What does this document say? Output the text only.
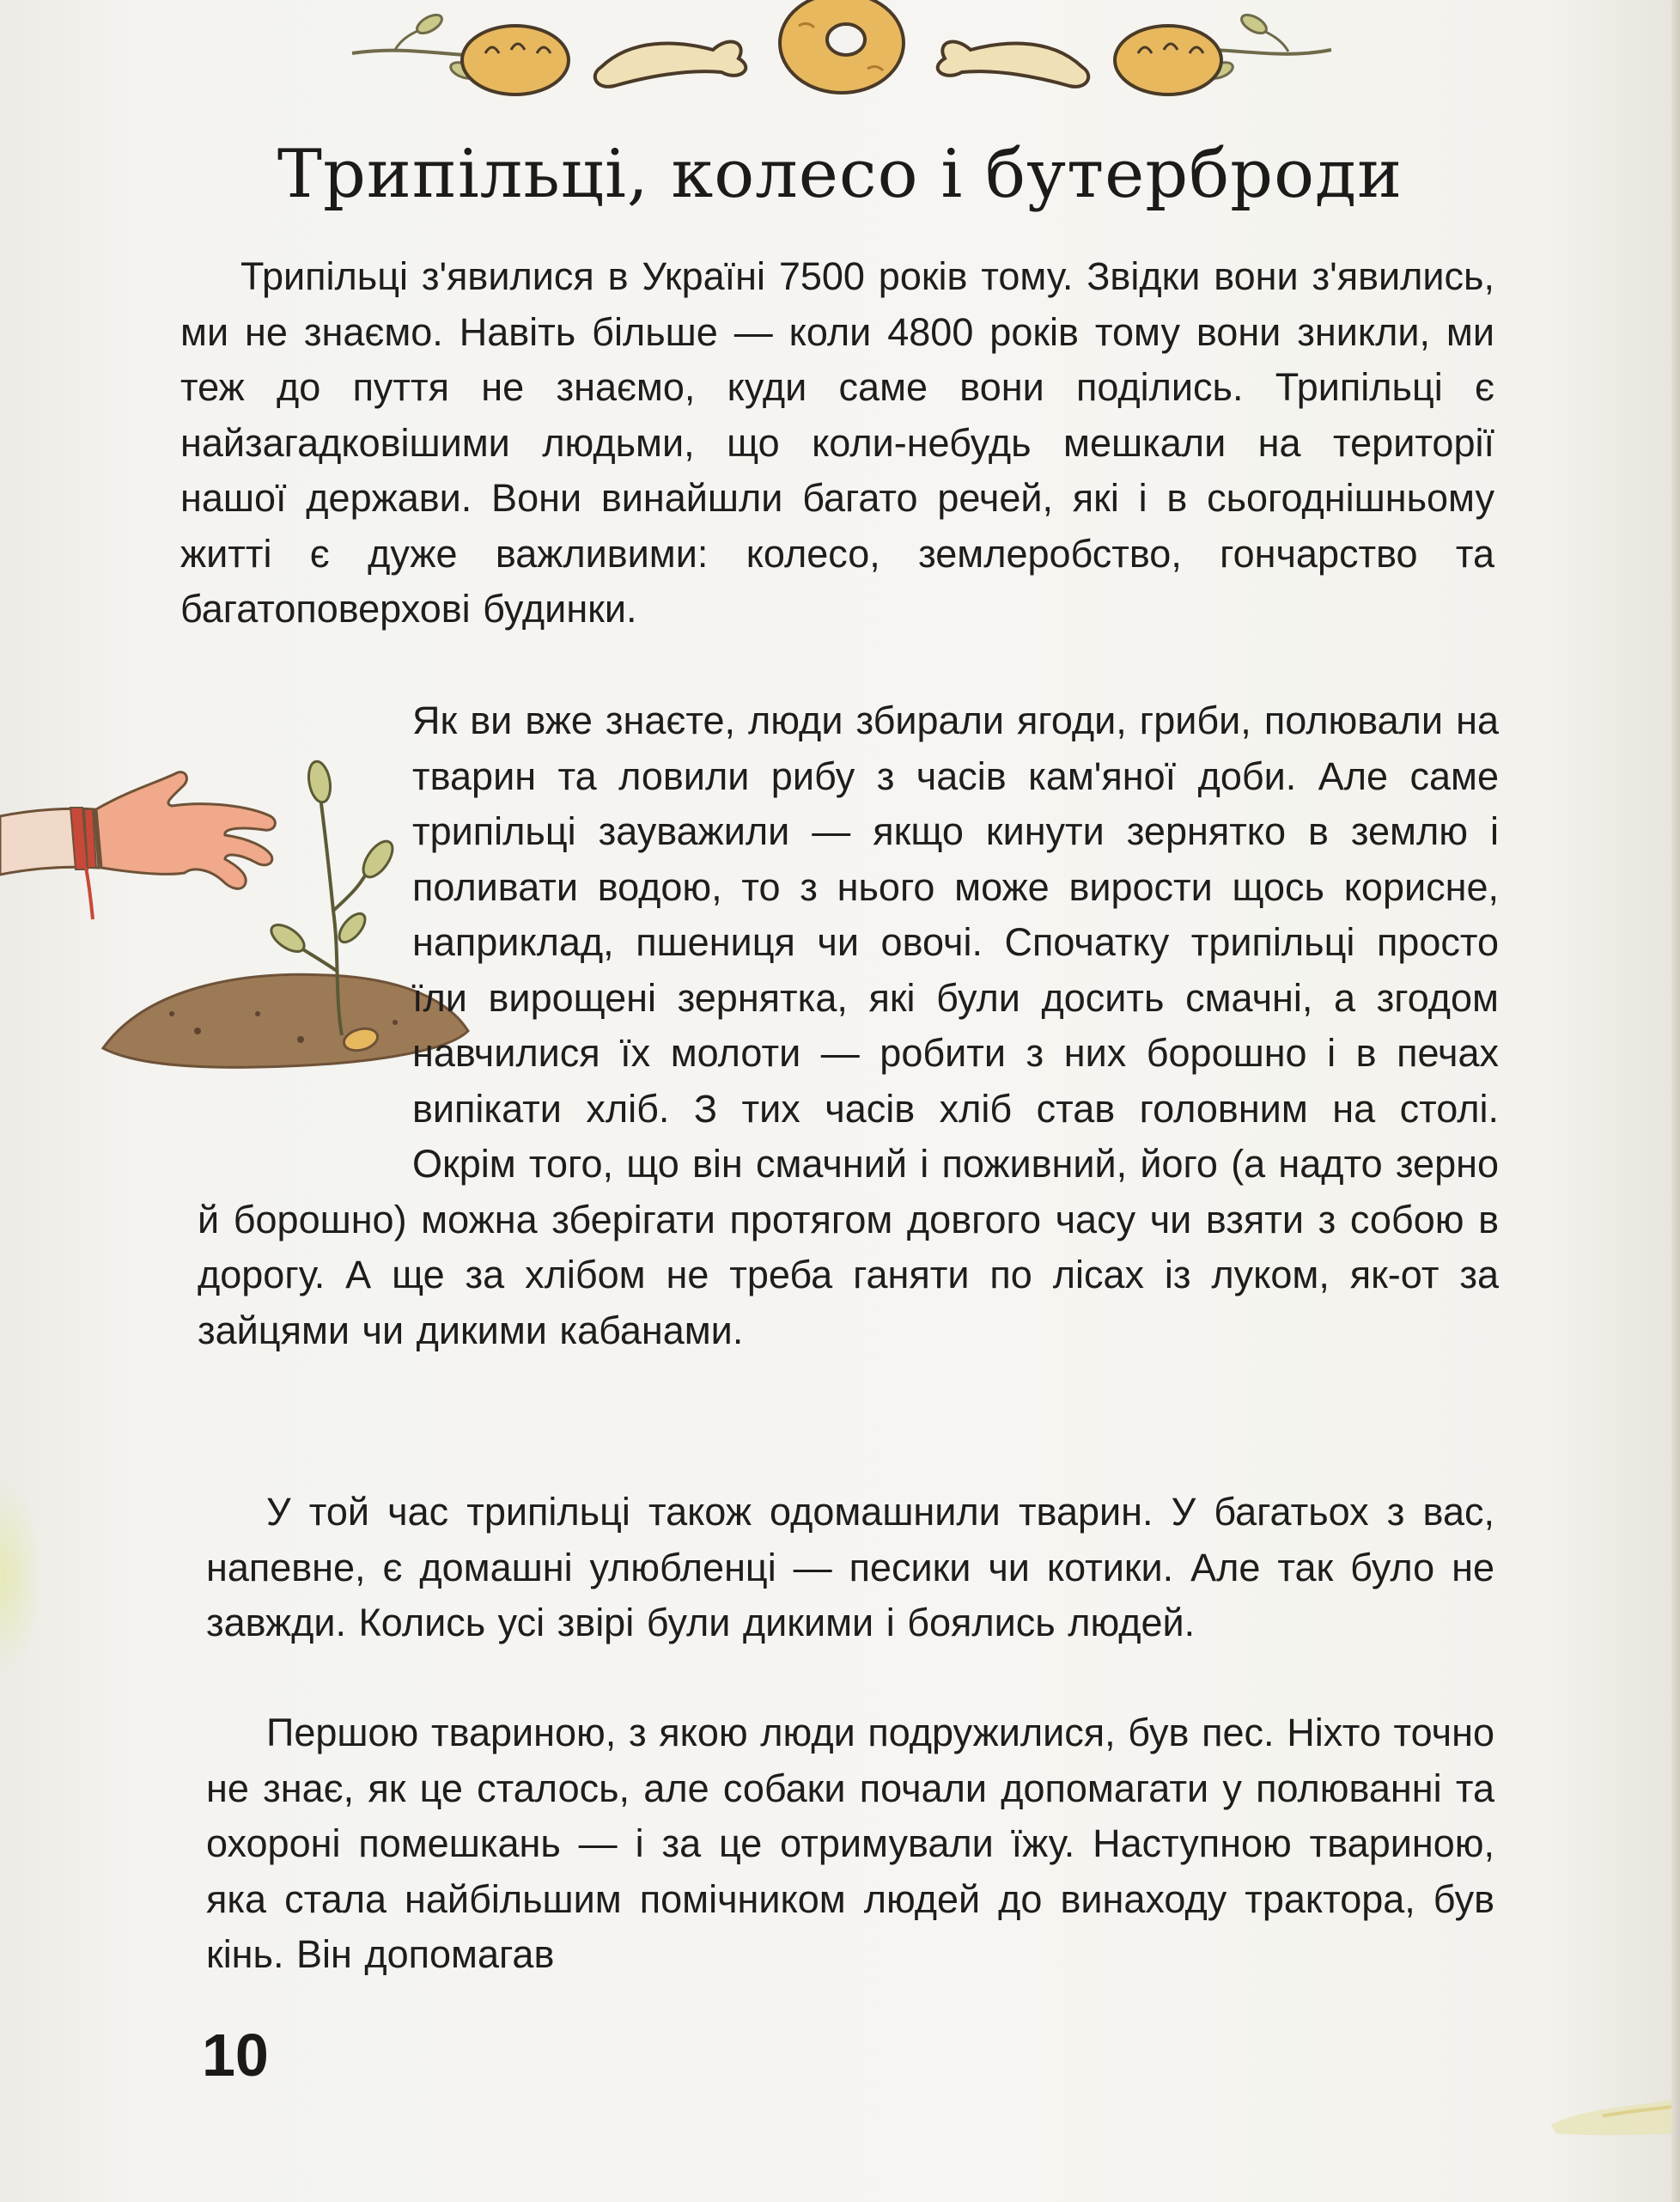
Трипільці, колесо і бутерброди

Трипільці з'явилися в Україні 7500 років тому. Звідки вони з'явились, ми не знаємо. Навіть більше — коли 4800 років тому вони зникли, ми теж до пуття не знаємо, куди саме вони поділись. Трипільці є найзагадковішими людьми, що коли-небудь мешкали на території нашої держави. Вони винайшли багато речей, які і в сьогоднішньому житті є дуже важливими: колесо, землеробство, гончарство та багатоповерхові будинки.

Як ви вже знаєте, люди збирали ягоди, гриби, полювали на тварин та ловили рибу з часів кам'яної доби. Але саме трипільці зауважили — якщо кинути зернятко в землю і поливати водою, то з нього може вирости щось корисне, наприклад, пшениця чи овочі. Спочатку трипільці просто їли вирощені зернятка, які були досить смачні, а згодом навчилися їх молоти — робити з них борошно і в печах випікати хліб. З тих часів хліб став головним на столі. Окрім того, що він смачний і поживний, його (а надто зерно й борошно) можна зберігати протягом довгого часу чи взяти з собою в дорогу. А ще за хлібом не треба ганяти по лісах із луком, як-от за зайцями чи дикими кабанами.

У той час трипільці також одомашнили тварин. У багатьох з вас, напевне, є домашні улюбленці — песики чи котики. Але так було не завжди. Колись усі звірі були дикими і боялись людей.

Першою твариною, з якою люди подружилися, був пес. Ніхто точно не знає, як це сталось, але собаки почали допомагати у полюванні та охороні помешкань — і за це отримували їжу. Наступною твариною, яка стала найбільшим помічником людей до винаходу трактора, був кінь. Він допомагав

10
